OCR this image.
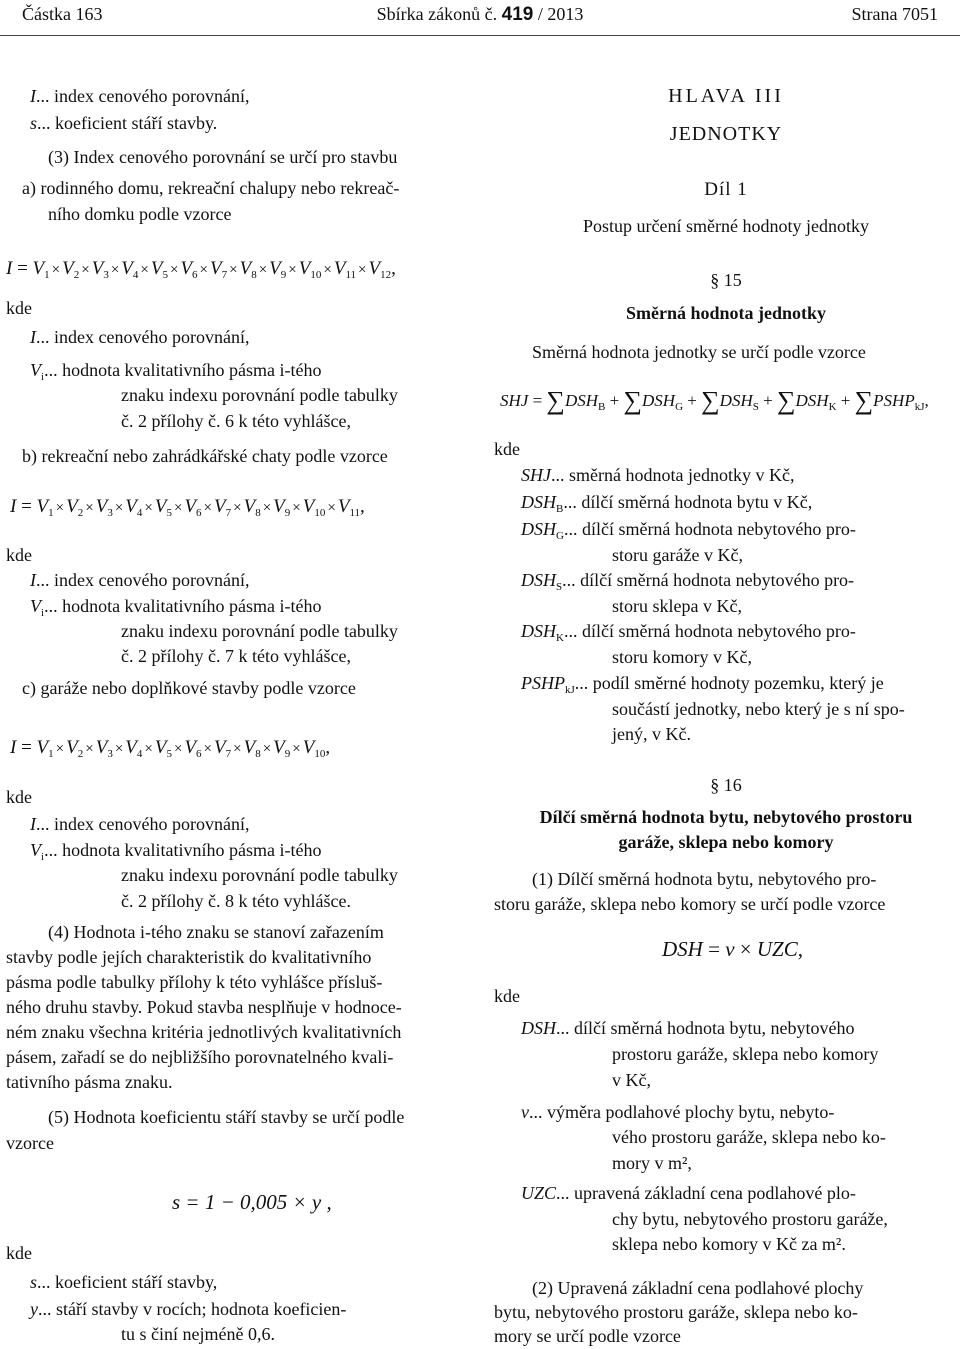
Částka 163	Sbírka zákonů č. 419 / 2013	Strana 7051
I... index cenového porovnání,
s... koeficient stáří stavby.
(3) Index cenového porovnání se určí pro stavbu
a) rodinného domu, rekreační chalupy nebo rekreač-
ního domku podle vzorce
$I = V_1 \times V_2 \times V_3 \times V_4 \times V_5 \times V_6 \times V_7 \times V_8 \times V_9 \times V_{10} \times V_{11} \times V_{12}$,
kde
I... index cenového porovnání,
$V_i$... hodnota kvalitativního pásma i-tého
znaku indexu porovnání podle tabulky
č. 2 přílohy č. 6 k této vyhlášce,
b) rekreační nebo zahrádkářské chaty podle vzorce
$I = V_1 \times V_2 \times V_3 \times V_4 \times V_5 \times V_6 \times V_7 \times V_8 \times V_9 \times V_{10} \times V_{11}$,
kde
I... index cenového porovnání,
$V_i$... hodnota kvalitativního pásma i-tého
znaku indexu porovnání podle tabulky
č. 2 přílohy č. 7 k této vyhlášce,
c) garáže nebo doplňkové stavby podle vzorce
$I = V_1 \times V_2 \times V_3 \times V_4 \times V_5 \times V_6 \times V_7 \times V_8 \times V_9 \times V_{10}$,
kde
I... index cenového porovnání,
$V_i$... hodnota kvalitativního pásma i-tého
znaku indexu porovnání podle tabulky
č. 2 přílohy č. 8 k této vyhlášce.
(4) Hodnota i-tého znaku se stanoví zařazením
stavby podle jejích charakteristik do kvalitativního
pásma podle tabulky přílohy k této vyhlášce přísluš-
ného druhu stavby. Pokud stavba nesplňuje v hodnoce-
ném znaku všechna kritéria jednotlivých kvalitativních
pásem, zařadí se do nejbližšího porovnatelného kvali-
tativního pásma znaku.
(5) Hodnota koeficientu stáří stavby se určí podle
vzorce
s = 1 − 0,005 × y ,
kde
s... koeficient stáří stavby,
y... stáří stavby v rocích; hodnota koeficien-
tu s činí nejméně 0,6.
HLAVA III
JEDNOTKY
Díl 1
Postup určení směrné hodnoty jednotky
§ 15
Směrná hodnota jednotky
Směrná hodnota jednotky se určí podle vzorce
SHJ = $\sum DSH_B + \sum DSH_G + \sum DSH_S + \sum DSH_K$ + $\sum PSHP_{kJ}$,
kde
SHJ... směrná hodnota jednotky v Kč,
$DSH_B$... dílčí směrná hodnota bytu v Kč,
$DSH_G$... dílčí směrná hodnota nebytového pro-
storu garáže v Kč,
$DSH_S$... dílčí směrná hodnota nebytového pro-
storu sklepa v Kč,
$DSH_K$... dílčí směrná hodnota nebytového pro-
storu komory v Kč,
$PSHP_{kJ}$... podíl směrné hodnoty pozemku, který je
součástí jednotky, nebo který je s ní spo-
jený, v Kč.
§ 16
Dílčí směrná hodnota bytu, nebytového prostoru
garáže, sklepa nebo komory
(1) Dílčí směrná hodnota bytu, nebytového pro-
storu garáže, sklepa nebo komory se určí podle vzorce
DSH = v × UZC,
kde
DSH... dílčí směrná hodnota bytu, nebytového
prostoru garáže, sklepa nebo komory
v Kč,
v... výměra podlahové plochy bytu, nebyto-
vého prostoru garáže, sklepa nebo ko-
mory v m²,
UZC... upravená základní cena podlahové plo-
chy bytu, nebytového prostoru garáže,
sklepa nebo komory v Kč za m².
(2) Upravená základní cena podlahové plochy
bytu, nebytového prostoru garáže, sklepa nebo ko-
mory se určí podle vzorce
